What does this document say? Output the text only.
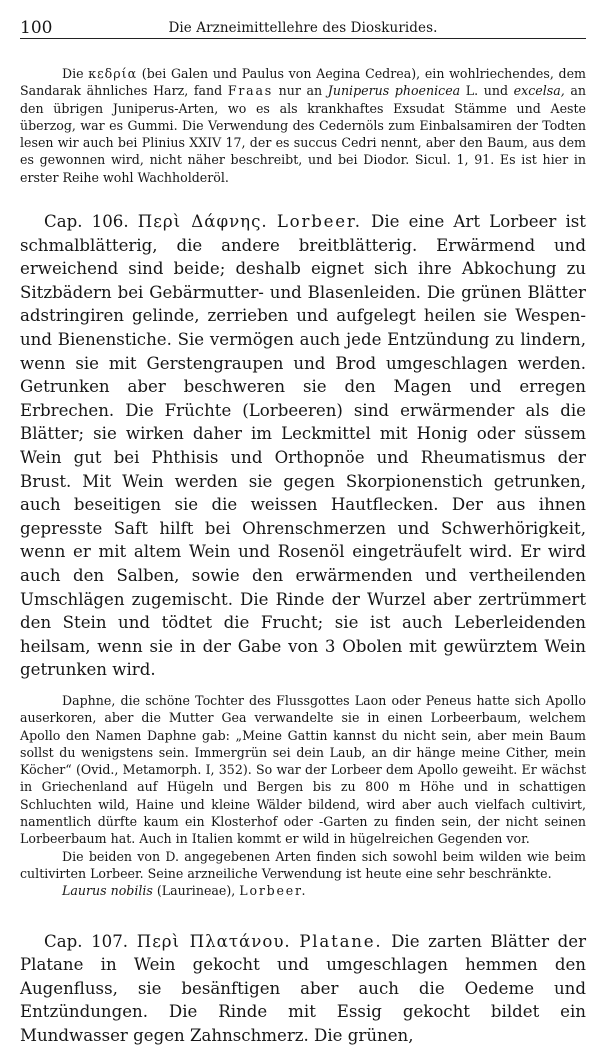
100	Die Arzneimittellehre des Dioskurides.

Die κεδρία (bei Galen und Paulus von Aegina Cedrea), ein wohlriechendes, dem Sandarak ähnliches Harz, fand Fraas nur an Juniperus phoenicea L. und excelsa, an den übrigen Juniperus-Arten, wo es als krankhaftes Exsudat Stämme und Aeste überzog, war es Gummi. Die Verwendung des Cedernöls zum Einbalsamiren der Todten lesen wir auch bei Plinius XXIV 17, der es succus Cedri nennt, aber den Baum, aus dem es gewonnen wird, nicht näher beschreibt, und bei Diodor. Sicul. 1, 91. Es ist hier in erster Reihe wohl Wachholderöl.

Cap. 106. Περὶ Δάφνης. Lorbeer. Die eine Art Lorbeer ist schmalblätterig, die andere breitblätterig. Erwärmend und erweichend sind beide; deshalb eignet sich ihre Abkochung zu Sitzbädern bei Gebärmutter- und Blasenleiden. Die grünen Blätter adstringiren gelinde, zerrieben und aufgelegt heilen sie Wespen- und Bienenstiche. Sie vermögen auch jede Entzündung zu lindern, wenn sie mit Gerstengraupen und Brod umgeschlagen werden. Getrunken aber beschweren sie den Magen und erregen Erbrechen. Die Früchte (Lorbeeren) sind erwärmender als die Blätter; sie wirken daher im Leckmittel mit Honig oder süssem Wein gut bei Phthisis und Orthopnöe und Rheumatismus der Brust. Mit Wein werden sie gegen Skorpionenstich getrunken, auch beseitigen sie die weissen Hautflecken. Der aus ihnen gepresste Saft hilft bei Ohrenschmerzen und Schwerhörigkeit, wenn er mit altem Wein und Rosenöl eingeträufelt wird. Er wird auch den Salben, sowie den erwärmenden und vertheilenden Umschlägen zugemischt. Die Rinde der Wurzel aber zertrümmert den Stein und tödtet die Frucht; sie ist auch Leberleidenden heilsam, wenn sie in der Gabe von 3 Obolen mit gewürztem Wein getrunken wird.

Daphne, die schöne Tochter des Flussgottes Laon oder Peneus hatte sich Apollo auserkoren, aber die Mutter Gea verwandelte sie in einen Lorbeerbaum, welchem Apollo den Namen Daphne gab: „Meine Gattin kannst du nicht sein, aber mein Baum sollst du wenigstens sein. Immergrün sei dein Laub, an dir hänge meine Cither, mein Köcher“ (Ovid., Metamorph. I, 352). So war der Lorbeer dem Apollo geweiht. Er wächst in Griechenland auf Hügeln und Bergen bis zu 800 m Höhe und in schattigen Schluchten wild, Haine und kleine Wälder bildend, wird aber auch vielfach cultivirt, namentlich dürfte kaum ein Klosterhof oder -Garten zu finden sein, der nicht seinen Lorbeerbaum hat. Auch in Italien kommt er wild in hügelreichen Gegenden vor.

Die beiden von D. angegebenen Arten finden sich sowohl beim wilden wie beim cultivirten Lorbeer. Seine arzneiliche Verwendung ist heute eine sehr beschränkte.

Laurus nobilis (Laurineae), Lorbeer.

Cap. 107. Περὶ Πλατάνου. Platane. Die zarten Blätter der Platane in Wein gekocht und umgeschlagen hemmen den Augenfluss, sie besänftigen aber auch die Oedeme und Entzündungen. Die Rinde mit Essig gekocht bildet ein Mundwasser gegen Zahnschmerz. Die grünen,
